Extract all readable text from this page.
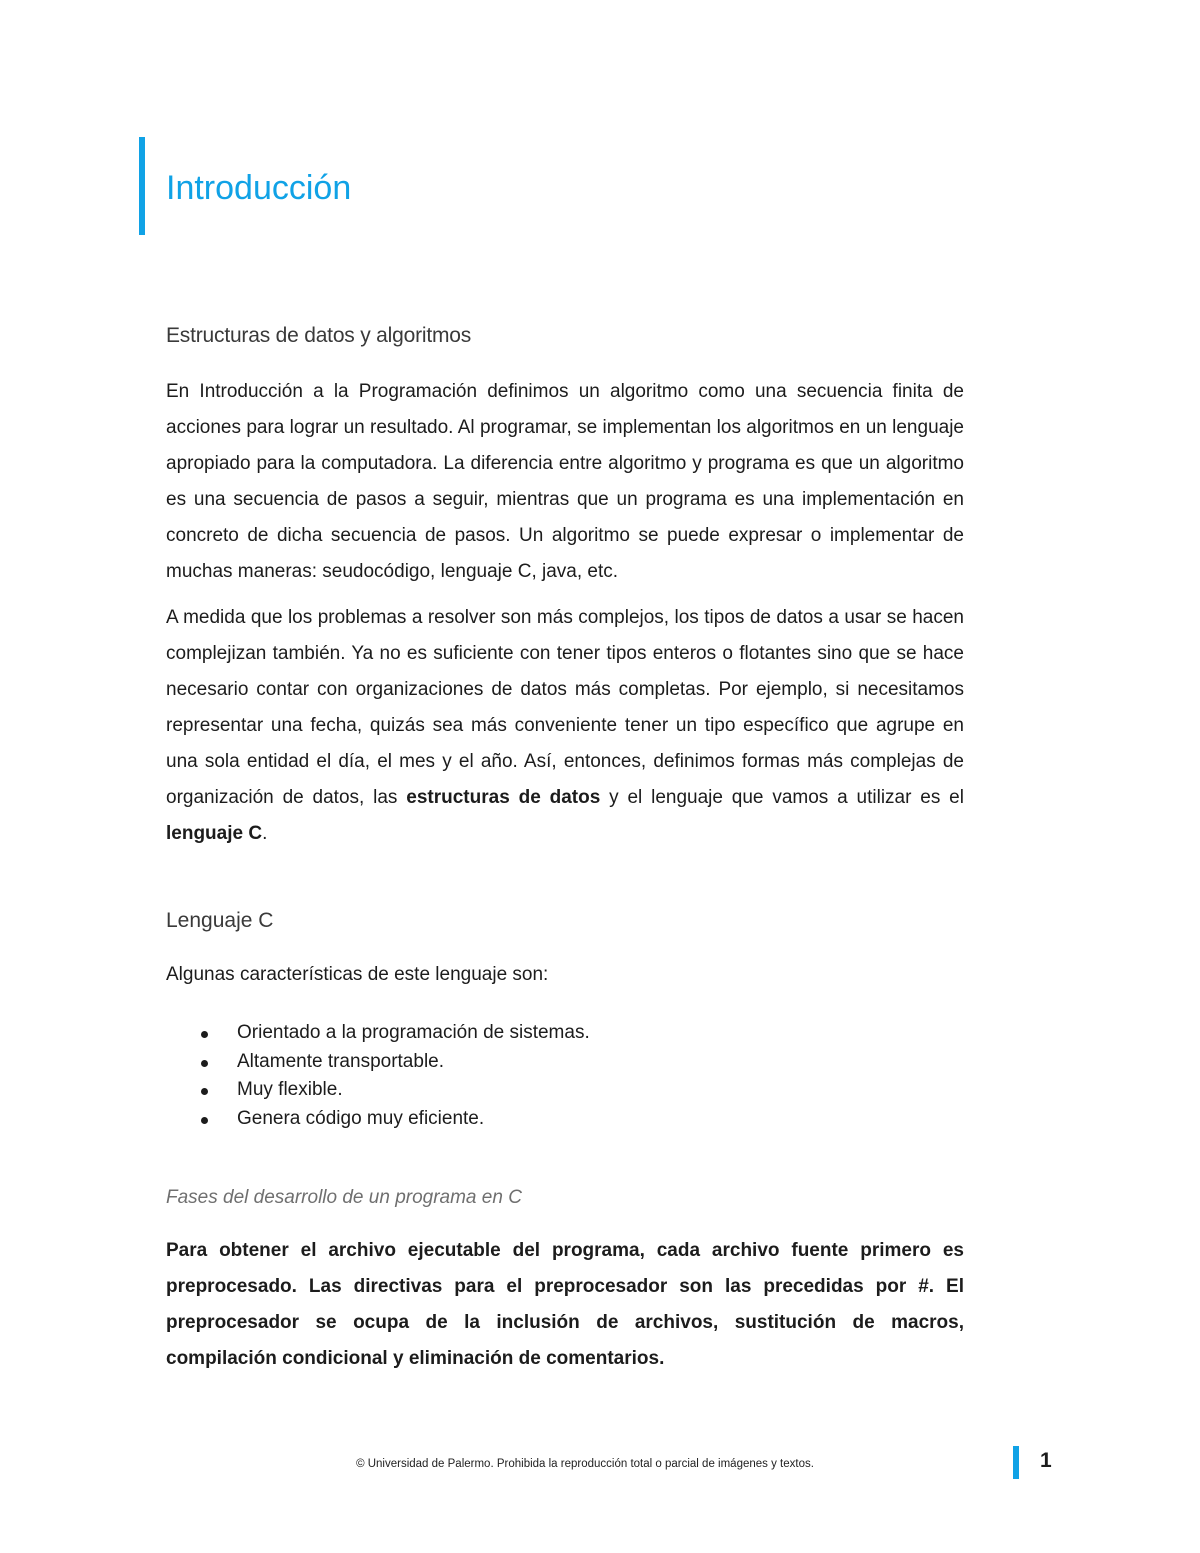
Introducción
Estructuras de datos y algoritmos

En Introducción a la Programación definimos un algoritmo como una secuencia finita de acciones para lograr un resultado. Al programar, se implementan los algoritmos en un lenguaje apropiado para la computadora. La diferencia entre algoritmo y programa es que un algoritmo es una secuencia de pasos a seguir, mientras que un programa es una implementación en concreto de dicha secuencia de pasos. Un algoritmo se puede expresar o implementar de muchas maneras: seudocódigo, lenguaje C, java, etc.

A medida que los problemas a resolver son más complejos, los tipos de datos a usar se hacen complejizan también. Ya no es suficiente con tener tipos enteros o flotantes sino que se hace necesario contar con organizaciones de datos más completas. Por ejemplo, si necesitamos representar una fecha, quizás sea más conveniente tener un tipo específico que agrupe en una sola entidad el día, el mes y el año. Así, entonces, definimos formas más complejas de organización de datos, las estructuras de datos y el lenguaje que vamos a utilizar es el lenguaje C.

Lenguaje C

Algunas características de este lenguaje son:

Orientado a la programación de sistemas.
Altamente transportable.
Muy flexible.
Genera código muy eficiente.

Fases del desarrollo de un programa en C

Para obtener el archivo ejecutable del programa, cada archivo fuente primero es preprocesado. Las directivas para el preprocesador son las precedidas por #. El preprocesador se ocupa de la inclusión de archivos, sustitución de macros, compilación condicional y eliminación de comentarios.

© Universidad de Palermo. Prohibida la reproducción total o parcial de imágenes y textos.	1
